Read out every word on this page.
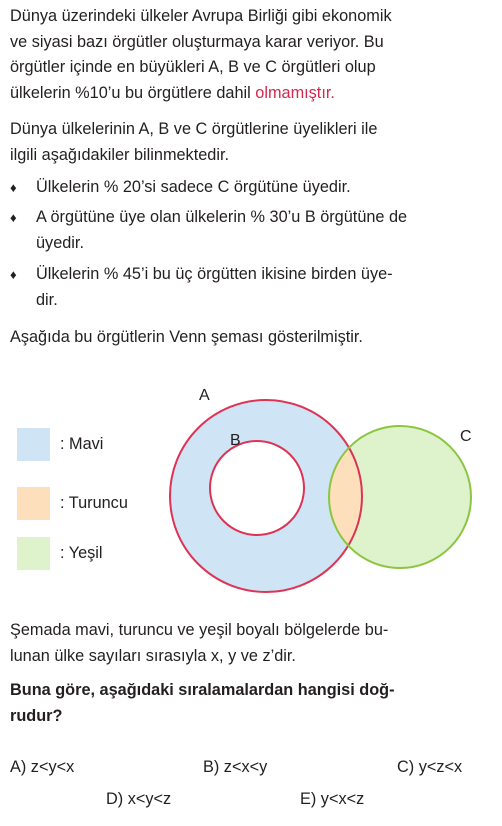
Dünya üzerindeki ülkeler Avrupa Birliği gibi ekonomik
ve siyasi bazı örgütler oluşturmaya karar veriyor. Bu
örgütler içinde en büyükleri A, B ve C örgütleri olup
ülkelerin %10’u bu örgütlere dahil olmamıştır.
Dünya ülkelerinin A, B ve C örgütlerine üyelikleri ile
ilgili aşağıdakiler bilinmektedir.
♦	Ülkelerin % 20’si sadece C örgütüne üyedir.
♦	A örgütüne üye olan ülkelerin % 30’u B örgütüne de
üyedir.
♦	Ülkelerin % 45’i bu üç örgütten ikisine birden üye-
dir.
Aşağıda bu örgütlerin Venn şeması gösterilmiştir.
: Mavi
: Turuncu
: Yeşil
A
B	C
Şemada mavi, turuncu ve yeşil boyalı bölgelerde bu-
lunan ülke sayıları sırasıyla x, y ve z’dir.
Buna göre, aşağıdaki sıralamalardan hangisi doğ-
rudur?
A) z<y<x	B) z<x<y	C) y<z<x
D) x<y<z	E) y<x<z
